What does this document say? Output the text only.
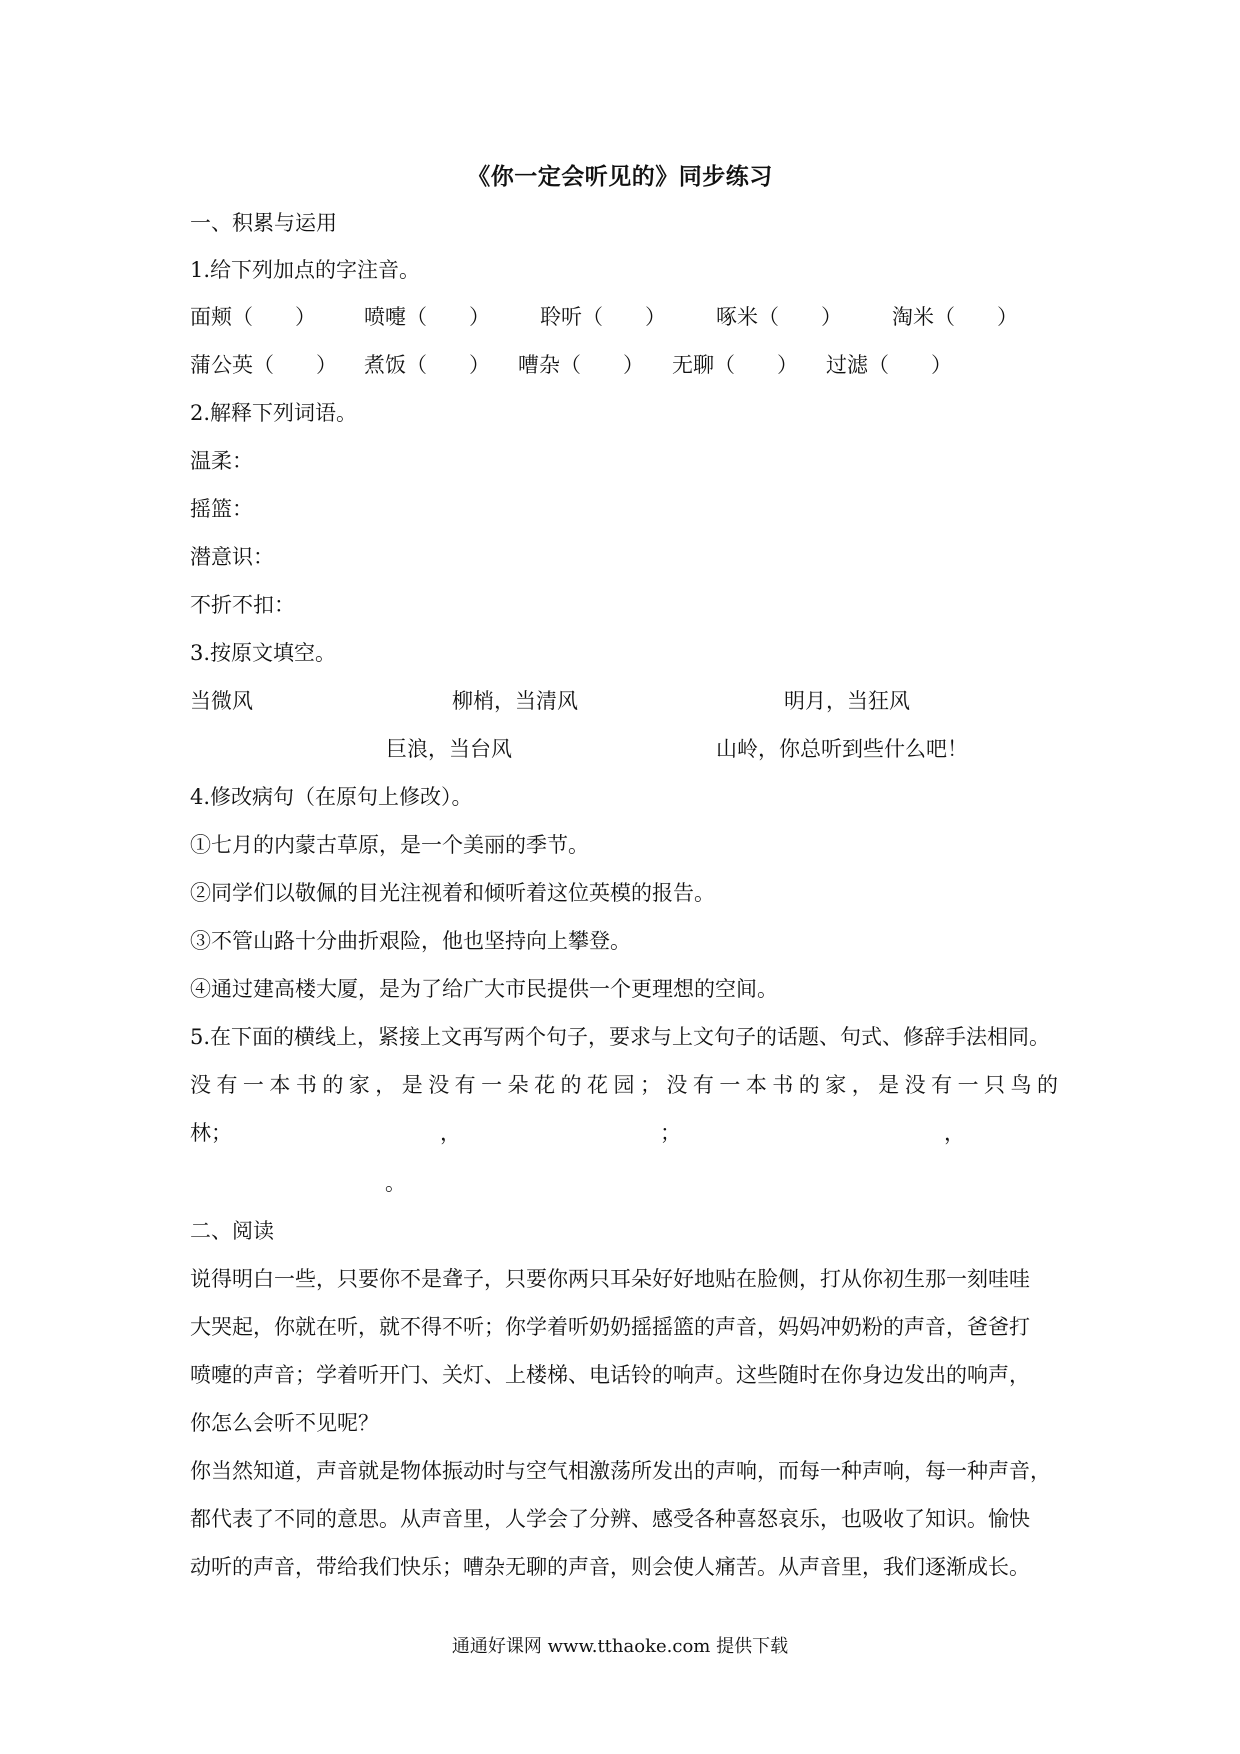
《你一定会听见的》同步练习
一、积累与运用
1.给下列加点的字注音。
面颊（　　） 喷嚏（　　） 聆听（　　） 啄米（　　） 淘米（　　）
蒲公英（　　） 煮饭（　　） 嘈杂（　　） 无聊（　　） 过滤（　　）
2.解释下列词语。
温柔：
摇篮：
潜意识：
不折不扣：
3.按原文填空。
当微风	柳梢，当清风	明月，当狂风
巨浪，当台风	山岭，你总听到些什么吧！
4.修改病句（在原句上修改）。
①七月的内蒙古草原，是一个美丽的季节。
②同学们以敬佩的目光注视着和倾听着这位英模的报告。
③不管山路十分曲折艰险，他也坚持向上攀登。
④通过建高楼大厦，是为了给广大市民提供一个更理想的空间。
5.在下面的横线上，紧接上文再写两个句子，要求与上文句子的话题、句式、修辞手法相同。
没有一本书的家，是没有一朵花的花园；没有一本书的家，是没有一只鸟的
林；	，	；	，
。
二、阅读
说得明白一些，只要你不是聋子，只要你两只耳朵好好地贴在脸侧，打从你初生那一刻哇哇
大哭起，你就在听，就不得不听；你学着听奶奶摇摇篮的声音，妈妈冲奶粉的声音，爸爸打
喷嚏的声音；学着听开门、关灯、上楼梯、电话铃的响声。这些随时在你身边发出的响声，
你怎么会听不见呢？
你当然知道，声音就是物体振动时与空气相激荡所发出的声响，而每一种声响，每一种声音，
都代表了不同的意思。从声音里，人学会了分辨、感受各种喜怒哀乐，也吸收了知识。愉快
动听的声音，带给我们快乐；嘈杂无聊的声音，则会使人痛苦。从声音里，我们逐渐成长。
通通好课网 www.tthaoke.com 提供下载
